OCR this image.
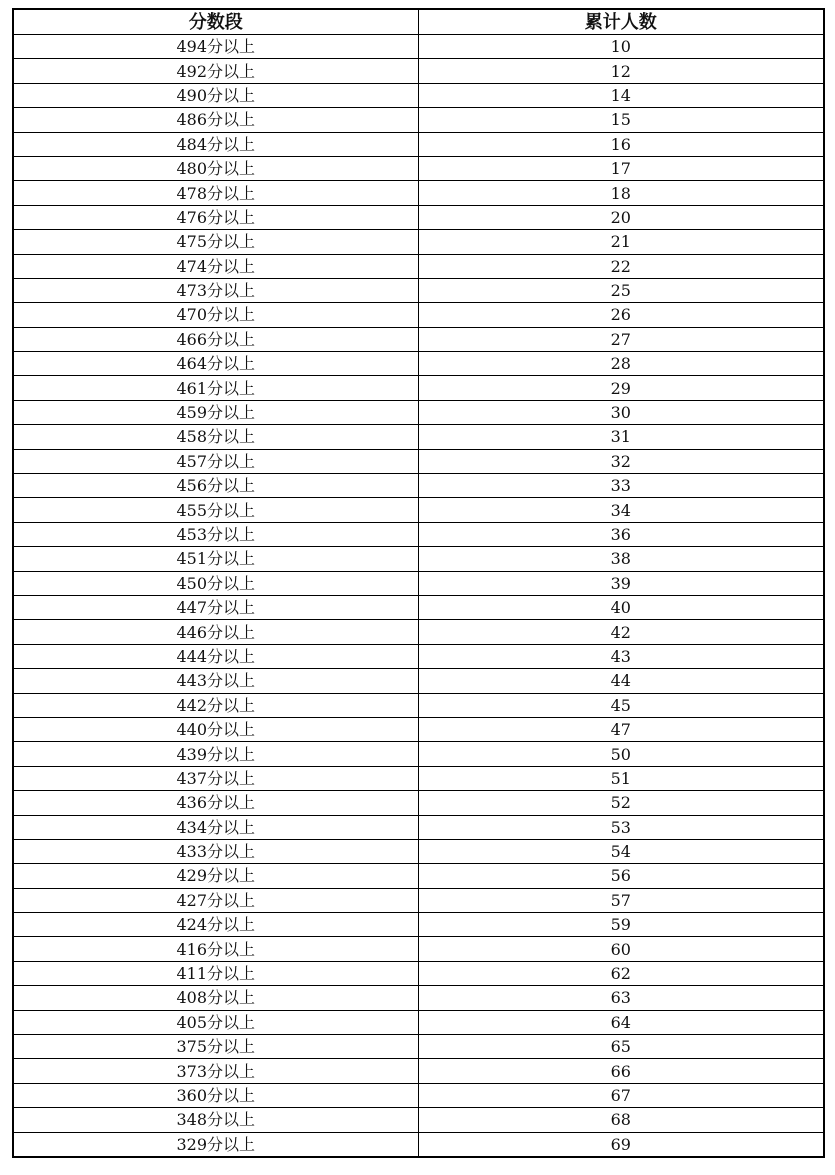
分数段	累计人数
494分以上	10
492分以上	12
490分以上	14
486分以上	15
484分以上	16
480分以上	17
478分以上	18
476分以上	20
475分以上	21
474分以上	22
473分以上	25
470分以上	26
466分以上	27
464分以上	28
461分以上	29
459分以上	30
458分以上	31
457分以上	32
456分以上	33
455分以上	34
453分以上	36
451分以上	38
450分以上	39
447分以上	40
446分以上	42
444分以上	43
443分以上	44
442分以上	45
440分以上	47
439分以上	50
437分以上	51
436分以上	52
434分以上	53
433分以上	54
429分以上	56
427分以上	57
424分以上	59
416分以上	60
411分以上	62
408分以上	63
405分以上	64
375分以上	65
373分以上	66
360分以上	67
348分以上	68
329分以上	69
